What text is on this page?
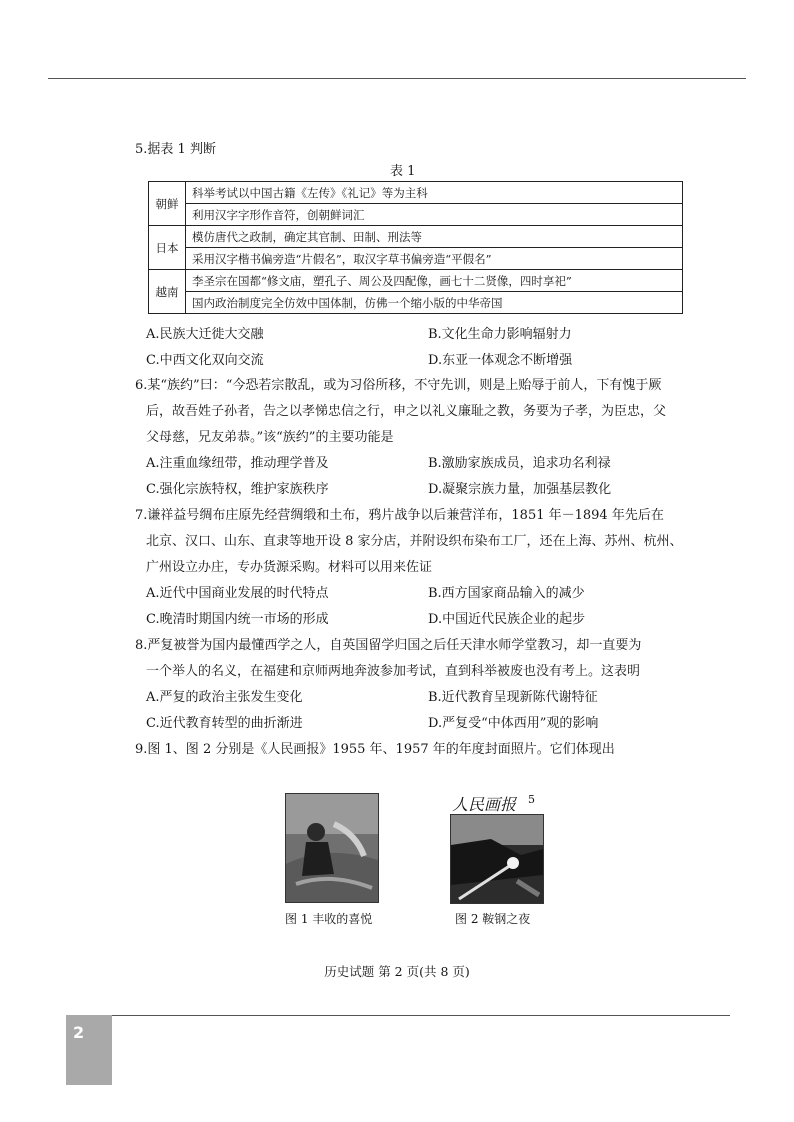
5.据表 1 判断
表 1
朝鲜	科举考试以中国古籍《左传》《礼记》等为主科
	利用汉字字形作音符，创朝鲜词汇
日本	模仿唐代之政制，确定其官制、田制、刑法等
	采用汉字楷书偏旁造“片假名”，取汉字草书偏旁造“平假名”
越南	李圣宗在国都“修文庙，塑孔子、周公及四配像，画七十二贤像，四时享祀”
	国内政治制度完全仿效中国体制，仿佛一个缩小版的中华帝国
A.民族大迁徙大交融	B.文化生命力影响辐射力
C.中西文化双向交流	D.东亚一体观念不断增强
6.某“族约”曰：“今恐若宗散乱，或为习俗所移，不守先训，则是上贻辱于前人，下有愧于厥
后，故吾姓子孙者，告之以孝悌忠信之行，申之以礼义廉耻之教，务要为子孝，为臣忠，父
父母慈，兄友弟恭。”该“族约”的主要功能是
A.注重血缘纽带，推动理学普及	B.激励家族成员，追求功名利禄
C.强化宗族特权，维护家族秩序	D.凝聚宗族力量，加强基层教化
7.谦祥益号绸布庄原先经营绸缎和土布，鸦片战争以后兼营洋布，1851 年－1894 年先后在
北京、汉口、山东、直隶等地开设 8 家分店，并附设织布染布工厂，还在上海、苏州、杭州、
广州设立办庄，专办货源采购。材料可以用来佐证
A.近代中国商业发展的时代特点	B.西方国家商品输入的减少
C.晚清时期国内统一市场的形成	D.中国近代民族企业的起步
8.严复被誉为国内最懂西学之人，自英国留学归国之后任天津水师学堂教习，却一直要为
一个举人的名义，在福建和京师两地奔波参加考试，直到科举被废也没有考上。这表明
A.严复的政治主张发生变化	B.近代教育呈现新陈代谢特征
C.近代教育转型的曲折渐进	D.严复受“中体西用”观的影响
9.图 1、图 2 分别是《人民画报》1955 年、1957 年的年度封面照片。它们体现出
人民画报 5
图 1 丰收的喜悦	图 2 鞍钢之夜
历史试题 第 2 页(共 8 页)
2
